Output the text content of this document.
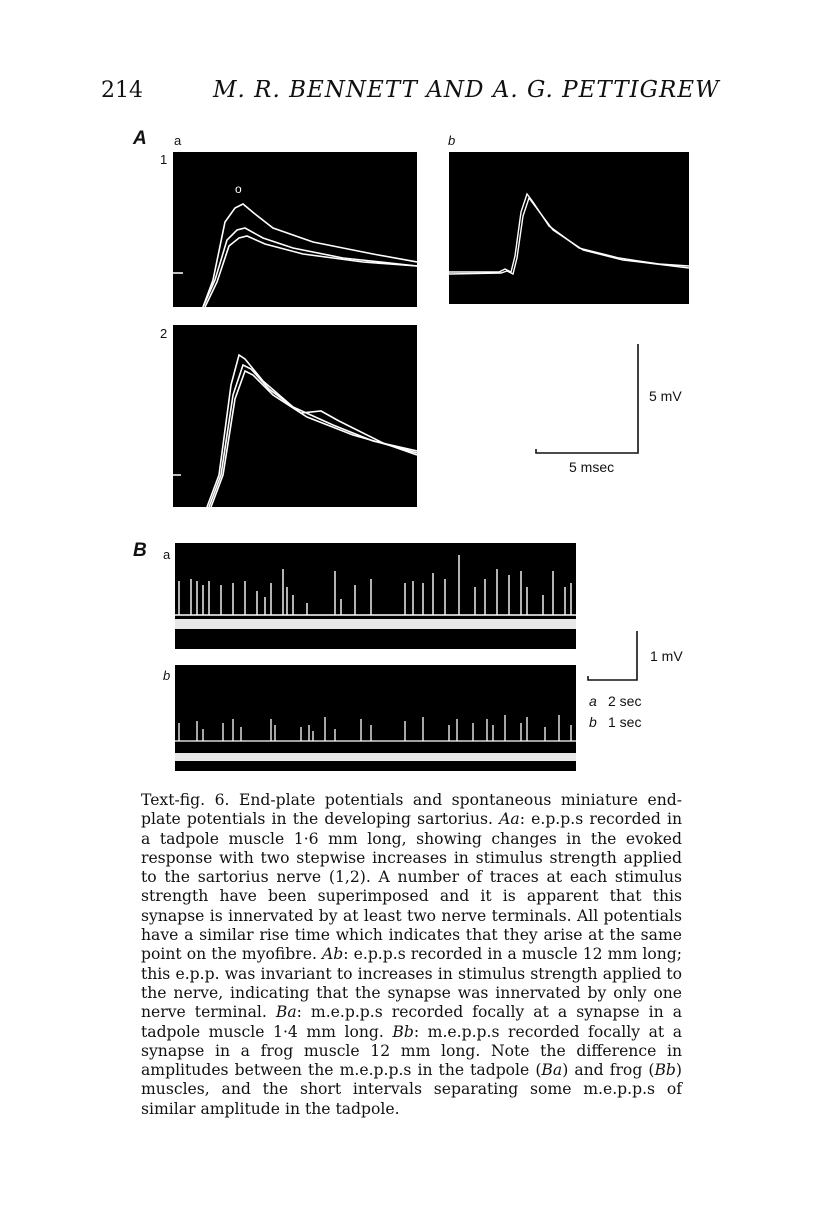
214	M. R. BENNETT AND A. G. PETTIGREW
A a	b
1
2
o
5 mV
5 msec
B a
b
1 mV
a 2 sec
b 1 sec
Text-fig. 6. End-plate potentials and spontaneous miniature end-plate potentials in the developing sartorius. Aa: e.p.p.s recorded in a tadpole muscle 1·6 mm long, showing changes in the evoked response with two stepwise increases in stimulus strength applied to the sartorius nerve (1,2). A number of traces at each stimulus strength have been superimposed and it is apparent that this synapse is innervated by at least two nerve terminals. All potentials have a similar rise time which indicates that they arise at the same point on the myofibre. Ab: e.p.p.s recorded in a muscle 12 mm long; this e.p.p. was invariant to increases in stimulus strength applied to the nerve, indicating that the synapse was innervated by only one nerve terminal. Ba: m.e.p.p.s recorded focally at a synapse in a tadpole muscle 1·4 mm long. Bb: m.e.p.p.s recorded focally at a synapse in a frog muscle 12 mm long. Note the difference in amplitudes between the m.e.p.p.s in the tadpole (Ba) and frog (Bb) muscles, and the short intervals separating some m.e.p.p.s of similar amplitude in the tadpole.
